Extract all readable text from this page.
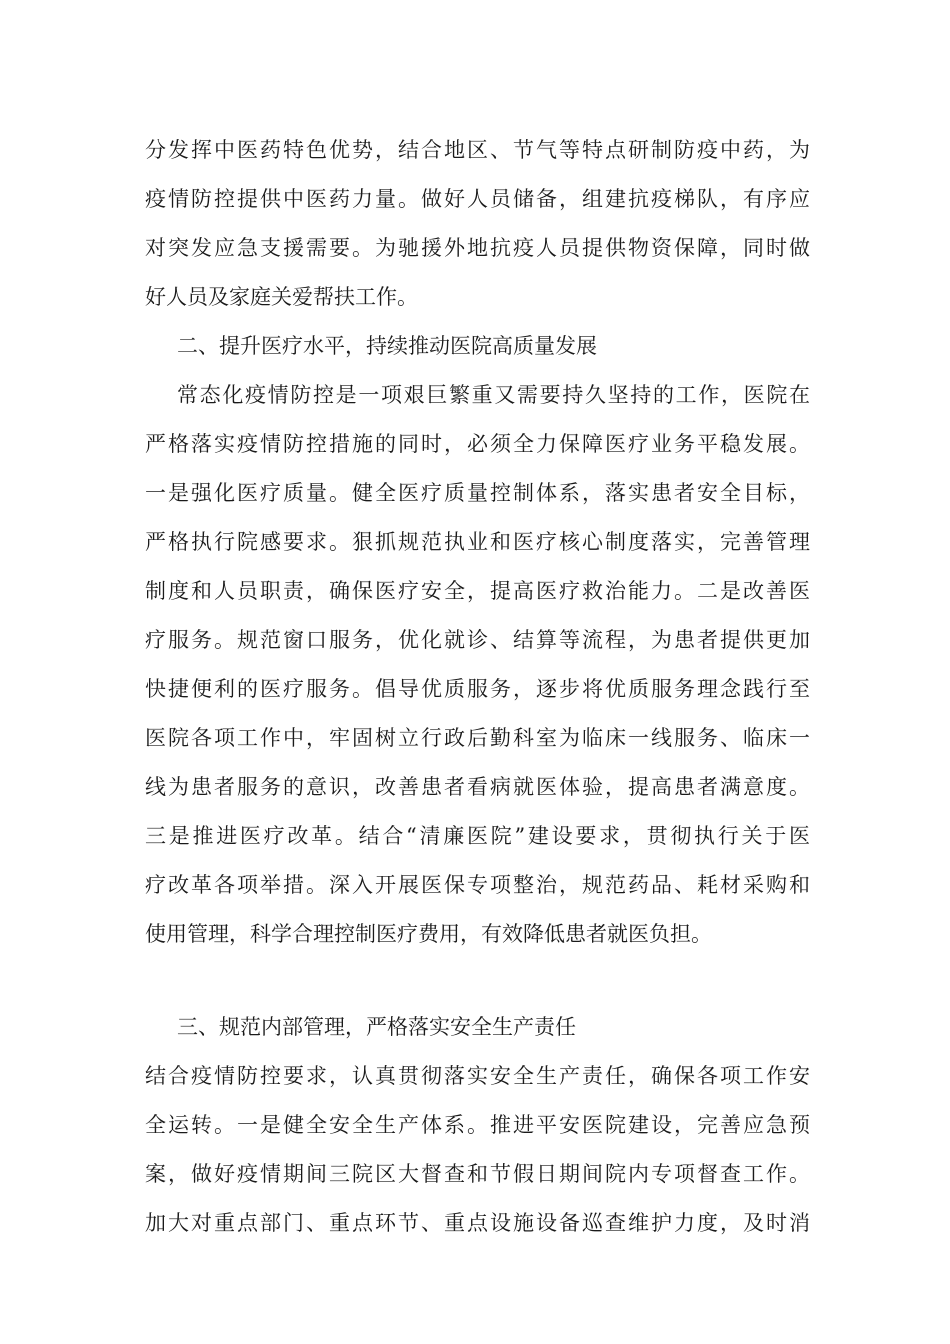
分发挥中医药特色优势，结合地区、节气等特点研制防疫中药，为
疫情防控提供中医药力量。做好人员储备，组建抗疫梯队，有序应
对突发应急支援需要。为驰援外地抗疫人员提供物资保障，同时做
好人员及家庭关爱帮扶工作。
二、提升医疗水平，持续推动医院高质量发展
常态化疫情防控是一项艰巨繁重又需要持久坚持的工作，医院在
严格落实疫情防控措施的同时，必须全力保障医疗业务平稳发展。
一是强化医疗质量。健全医疗质量控制体系，落实患者安全目标，
严格执行院感要求。狠抓规范执业和医疗核心制度落实，完善管理
制度和人员职责，确保医疗安全，提高医疗救治能力。二是改善医
疗服务。规范窗口服务，优化就诊、结算等流程，为患者提供更加
快捷便利的医疗服务。倡导优质服务，逐步将优质服务理念践行至
医院各项工作中，牢固树立行政后勤科室为临床一线服务、临床一
线为患者服务的意识，改善患者看病就医体验，提高患者满意度。
三是推进医疗改革。结合“清廉医院”建设要求，贯彻执行关于医
疗改革各项举措。深入开展医保专项整治，规范药品、耗材采购和
使用管理，科学合理控制医疗费用，有效降低患者就医负担。
三、规范内部管理，严格落实安全生产责任
结合疫情防控要求，认真贯彻落实安全生产责任，确保各项工作安
全运转。一是健全安全生产体系。推进平安医院建设，完善应急预
案，做好疫情期间三院区大督查和节假日期间院内专项督查工作。
加大对重点部门、重点环节、重点设施设备巡查维护力度，及时消
